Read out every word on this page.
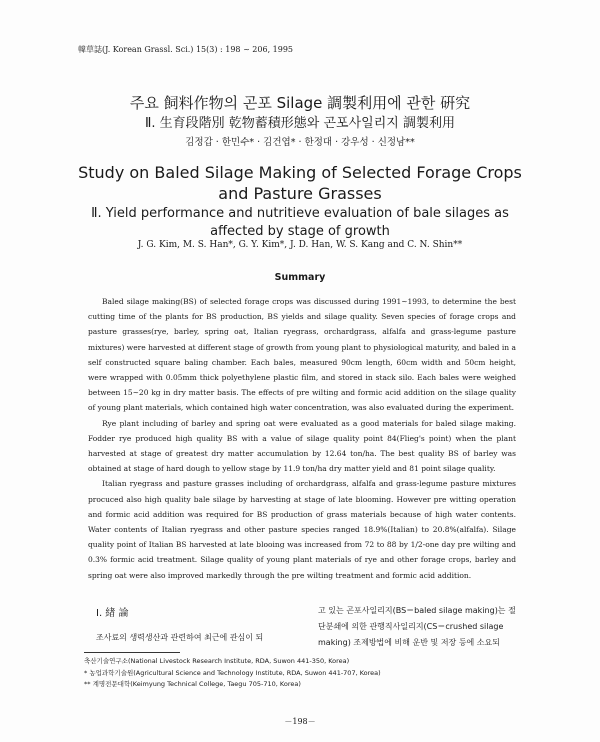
韓草誌(J. Korean Grassl. Sci.) 15(3) : 198 ~ 206, 1995
주요 飼料作物의 곤포 Silage 調製利用에 관한 硏究
Ⅱ. 生育段階別 乾物蓄積形態와 곤포사일리지 調製利用
김정갑 · 한민수* · 김건엽* · 한정대 · 강우성 · 신정남**
Study on Baled Silage Making of Selected Forage Crops
and Pasture Grasses
Ⅱ. Yield performance and nutritieve evaluation of bale silages as
affected by stage of growth
J. G. Kim, M. S. Han*, G. Y. Kim*, J. D. Han, W. S. Kang and C. N. Shin**
Summary

Baled silage making(BS) of selected forage crops was discussed during 1991~1993, to determine the best cutting time of the plants for BS production, BS yields and silage quality. Seven species of forage crops and pasture grasses(rye, barley, spring oat, Italian ryegrass, orchardgrass, alfalfa and grass-legume pasture mixtures) were harvested at different stage of growth from young plant to physiological maturity, and baled in a self constructed square baling chamber. Each bales, measured 90cm length, 60cm width and 50cm height, were wrapped with 0.05mm thick polyethylene plastic film, and stored in stack silo. Each bales were weighed between 15~20 kg in dry matter basis. The effects of pre wilting and formic acid addition on the silage quality of young plant materials, which contained high water concentration, was also evaluated during the experiment.

Rye plant including of barley and spring oat were evaluated as a good materials for baled silage making. Fodder rye produced high quality BS with a value of silage quality point 84(Flieg's point) when the plant harvested at stage of greatest dry matter accumulation by 12.64 ton/ha. The best quality BS of barley was obtained at stage of hard dough to yellow stage by 11.9 ton/ha dry matter yield and 81 point silage quality.

Italian ryegrass and pasture grasses including of orchardgrass, alfalfa and grass-legume pasture mixtures procuced also high quality bale silage by harvesting at stage of late blooming. However pre witting operation and formic acid addition was required for BS production of grass materials because of high water contents. Water contents of Italian ryegrass and other pasture species ranged 18.9%(Italian) to 20.8%(alfalfa). Silage quality point of Italian BS harvested at late blooing was increased from 72 to 88 by 1/2-one day pre wilting and 0.3% formic acid treatment. Silage quality of young plant materials of rye and other forage crops, barley and spring oat were also improved markedly through the pre wilting treatment and formic acid addition.

Ⅰ. 緖 論
조사료의 생력생산과 관련하여 최근에 관심이 되
고 있는 곤포사일리지(BS＝baled silage making)는 절
단분쇄에 의한 관행직사일리지(CS＝crushed silage
making) 조제방법에 비해 운반 및 저장 등에 소요되
축산기술연구소(National Livestock Research Institute, RDA, Suwon 441-350, Korea)
* 농업과학기술원(Agricultural Science and Technology Institute, RDA, Suwon 441-707, Korea)
** 계명전문대학(Keimyung Technical College, Taegu 705-710, Korea)
－198－
